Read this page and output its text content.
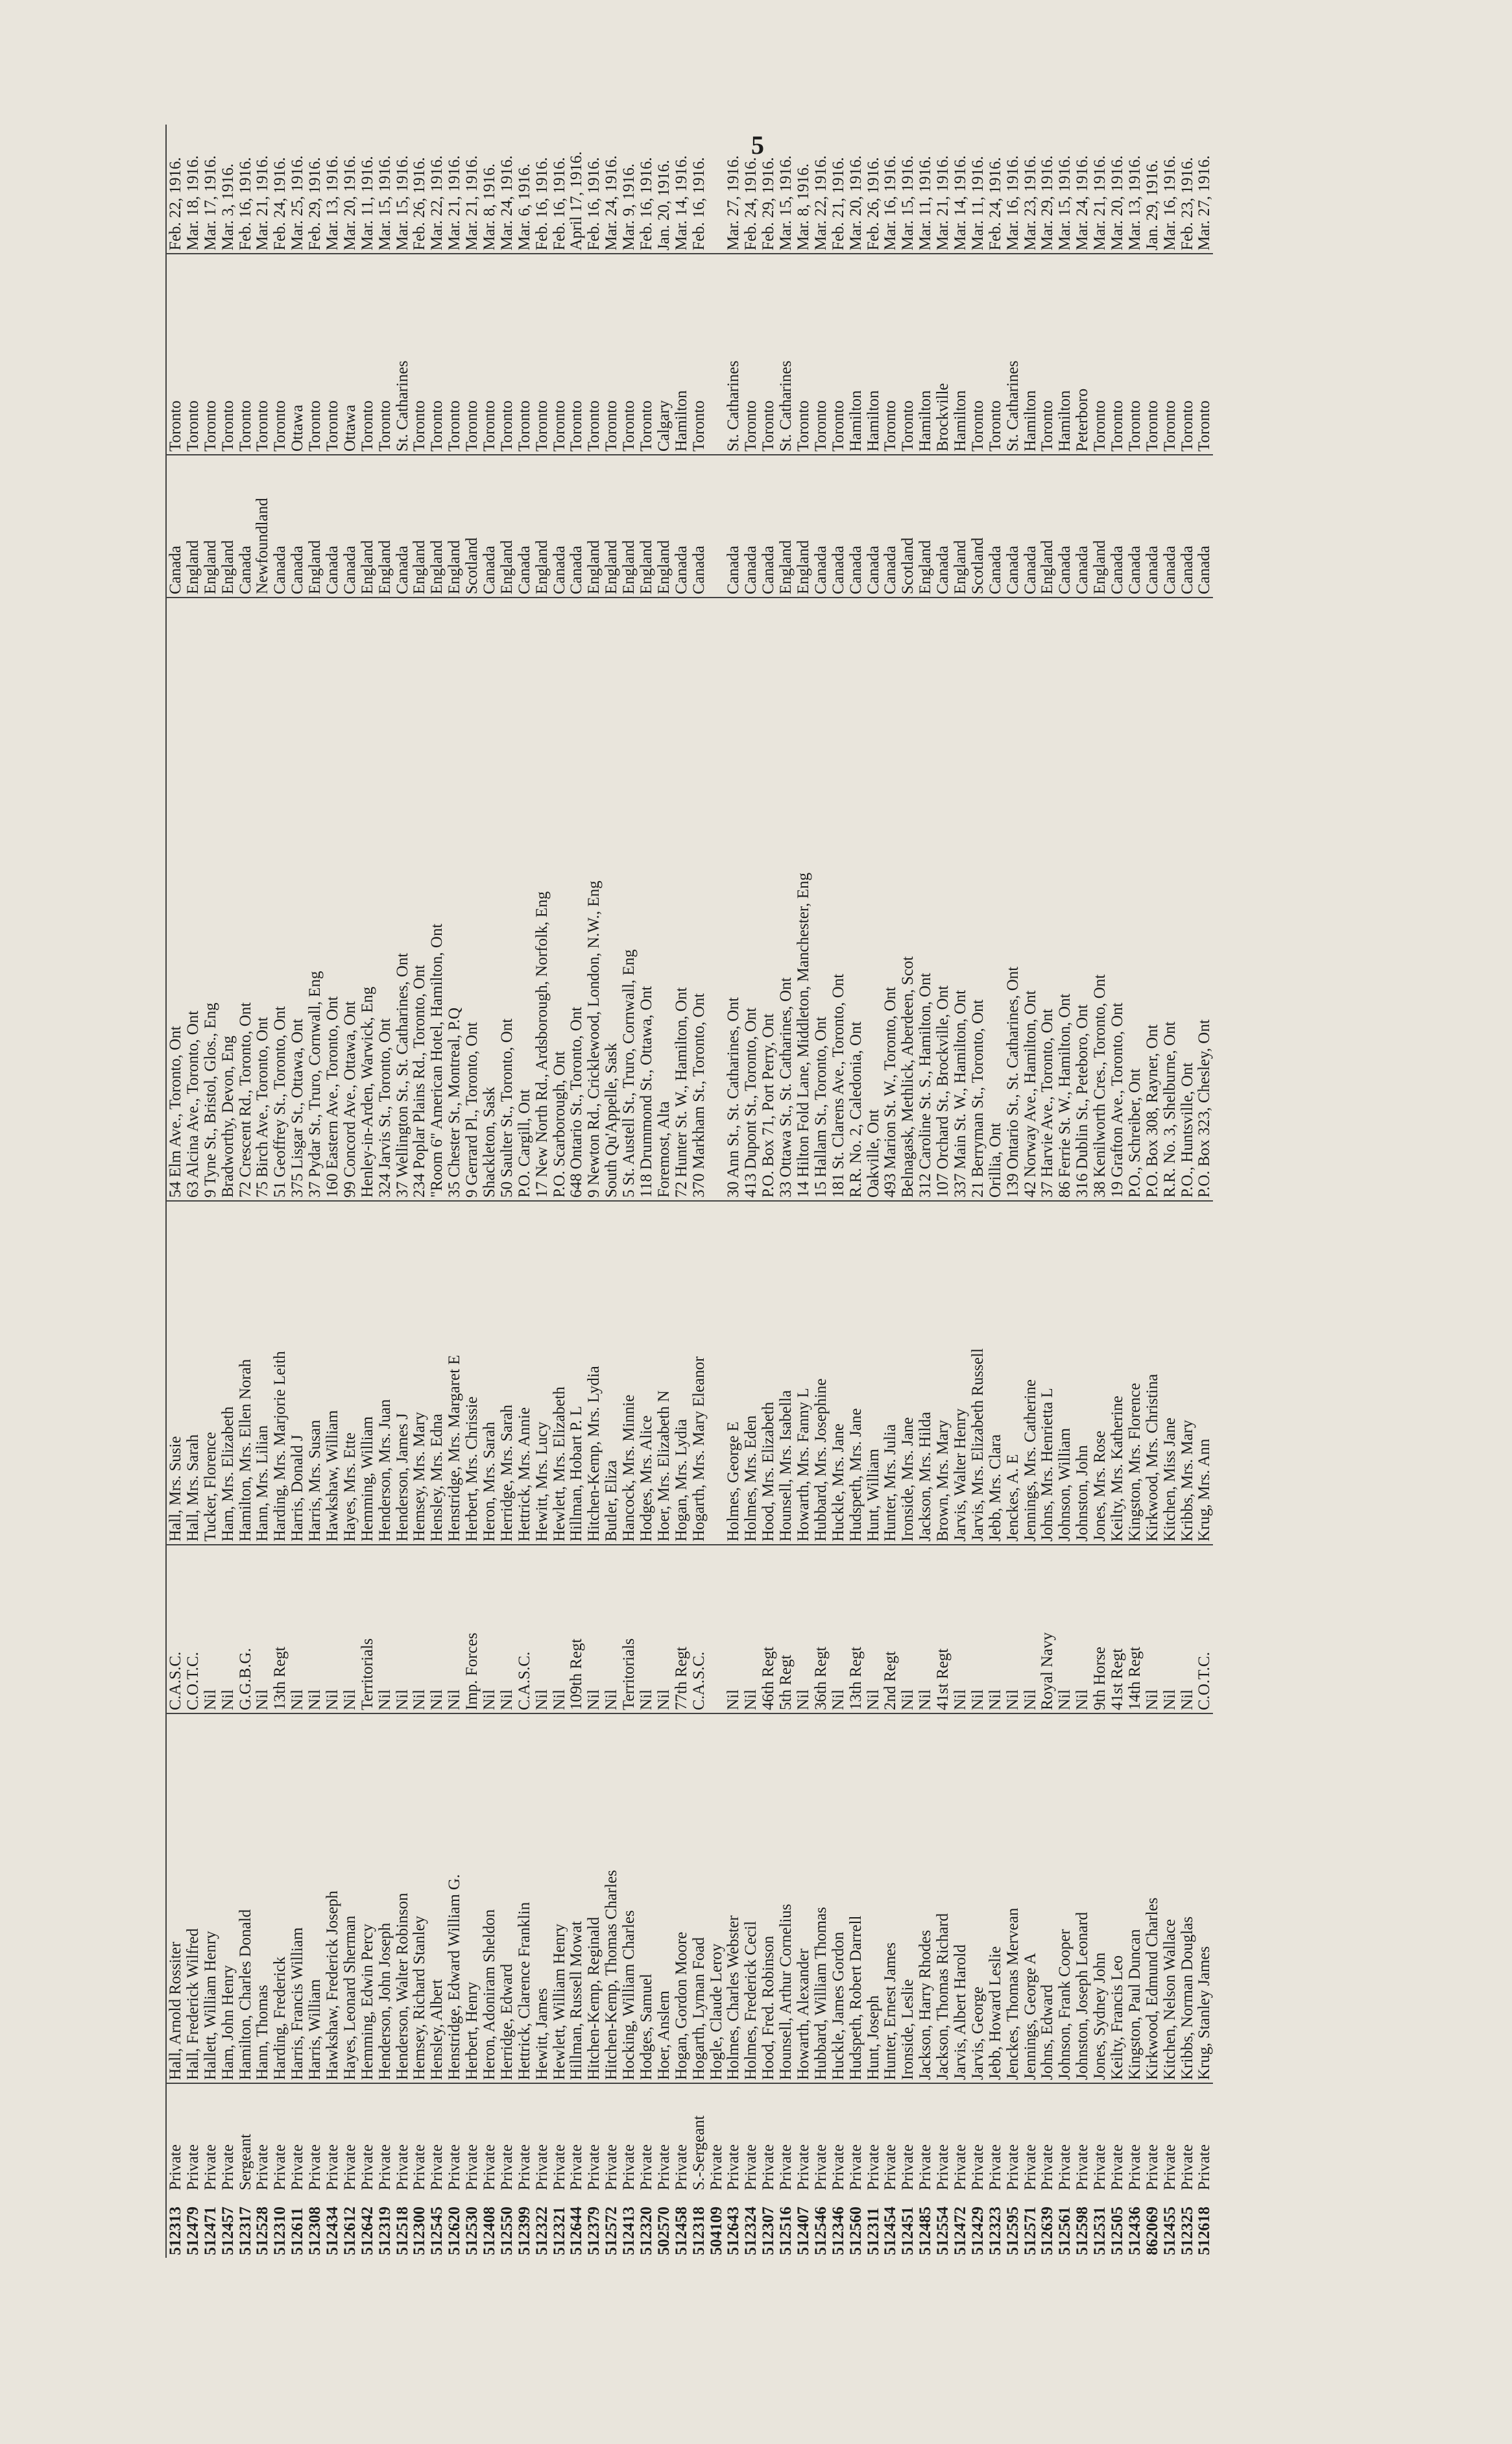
5
512313	Private	Hall, Arnold Rossiter	C.A.S.C.	Hall, Mrs. Susie	54 Elm Ave., Toronto, Ont	Canada	Toronto	Feb. 22, 1916.
512479	Private	Hall, Frederick Wilfred	C.O.T.C.	Hall, Mrs. Sarah	63 Alcina Ave., Toronto, Ont	England	Toronto	Mar. 18, 1916.
512471	Private	Hallett, William Henry	Nil	Tucker, Florence	9 Tyne St., Bristol, Glos., Eng	England	Toronto	Mar. 17, 1916.
512457	Private	Ham, John Henry	Nil	Ham, Mrs. Elizabeth	Bradworthy, Devon, Eng	England	Toronto	Mar. 3, 1916.
512317	Sergeant	Hamilton, Charles Donald	G.G.B.G.	Hamilton, Mrs. Ellen Norah	72 Crescent Rd., Toronto, Ont	Canada	Toronto	Feb. 16, 1916.
512528	Private	Hann, Thomas	Nil	Hann, Mrs. Lilian	75 Birch Ave., Toronto, Ont	Newfoundland	Toronto	Mar. 21, 1916.
512310	Private	Harding, Frederick	13th Regt	Harding, Mrs. Marjorie Leith	51 Geoffrey St., Toronto, Ont	Canada	Toronto	Feb. 24, 1916.
512611	Private	Harris, Francis William	Nil	Harris, Donald J	375 Lisgar St., Ottawa, Ont	Canada	Ottawa	Mar. 25, 1916.
512308	Private	Harris, William	Nil	Harris, Mrs. Susan	37 Pydar St., Truro, Cornwall, Eng	England	Toronto	Feb. 29, 1916.
512434	Private	Hawkshaw, Frederick Joseph	Nil	Hawkshaw, William	160 Eastern Ave., Toronto, Ont	Canada	Toronto	Mar. 13, 1916.
512612	Private	Hayes, Leonard Sherman	Nil	Hayes, Mrs. Ette	99 Concord Ave., Ottawa, Ont	Canada	Ottawa	Mar. 20, 1916.
512642	Private	Hemming, Edwin Percy	Territorials	Hemming, William	Henley-in-Arden, Warwick, Eng	England	Toronto	Mar. 11, 1916.
512319	Private	Henderson, John Joseph	Nil	Henderson, Mrs. Juan	324 Jarvis St., Toronto, Ont	England	Toronto	Mar. 15, 1916.
512518	Private	Henderson, Walter Robinson	Nil	Henderson, James J	37 Wellington St., St. Catharines, Ont	Canada	St. Catharines	Mar. 15, 1916.
512300	Private	Hemsey, Richard Stanley	Nil	Hemsey, Mrs. Mary	234 Poplar Plains Rd., Toronto, Ont	England	Toronto	Feb. 26, 1916.
512545	Private	Hensley, Albert	Nil	Hensley, Mrs. Edna	"Room 6" American Hotel, Hamilton, Ont	England	Toronto	Mar. 22, 1916.
512620	Private	Henstridge, Edward William G.	Nil	Henstridge, Mrs. Margaret E	35 Chester St., Montreal, P.Q	England	Toronto	Mar. 21, 1916.
512530	Private	Herbert, Henry	Imp. Forces	Herbert, Mrs. Chrissie	9 Gerrard Pl., Toronto, Ont	Scotland	Toronto	Mar. 21, 1916.
512408	Private	Heron, Adoniram Sheldon	Nil	Heron, Mrs. Sarah	Shackleton, Sask	Canada	Toronto	Mar. 8, 1916.
512550	Private	Herridge, Edward	Nil	Herridge, Mrs. Sarah	50 Saulter St., Toronto, Ont	England	Toronto	Mar. 24, 1916.
512399	Private	Hettrick, Clarence Franklin	C.A.S.C.	Hettrick, Mrs. Annie	P.O. Cargill, Ont	Canada	Toronto	Mar. 6, 1916.
512322	Private	Hewitt, James	Nil	Hewitt, Mrs. Lucy	17 New North Rd., Ardsborough, Norfolk, Eng	England	Toronto	Feb. 16, 1916.
512321	Private	Hewlett, William Henry	Nil	Hewlett, Mrs. Elizabeth	P.O. Scarborough, Ont	Canada	Toronto	Feb. 16, 1916.
512644	Private	Hillman, Russell Mowat	109th Regt	Hillman, Hobart P. L	648 Ontario St., Toronto, Ont	Canada	Toronto	April 17, 1916.
512379	Private	Hitchen-Kemp, Reginald	Nil	Hitchen-Kemp, Mrs. Lydia	9 Newton Rd., Cricklewood, London, N.W., Eng	England	Toronto	Feb. 16, 1916.
512572	Private	Hitchen-Kemp, Thomas Charles	Nil	Butler, Eliza	South Qu'Appelle, Sask	England	Toronto	Mar. 24, 1916.
512413	Private	Hocking, William Charles	Territorials	Hancock, Mrs. Minnie	5 St. Austell St., Truro, Cornwall, Eng	England	Toronto	Mar. 9, 1916.
512320	Private	Hodges, Samuel	Nil	Hodges, Mrs. Alice	118 Drummond St., Ottawa, Ont	England	Toronto	Feb. 16, 1916.
502570	Private	Hoer, Anslem	Nil	Hoer, Mrs. Elizabeth N	Foremost, Alta	England	Calgary	Jan. 20, 1916.
512458	Private	Hogan, Gordon Moore	77th Regt	Hogan, Mrs. Lydia	72 Hunter St. W., Hamilton, Ont	Canada	Hamilton	Mar. 14, 1916.
512318	S.-Sergeant	Hogarth, Lyman Foad	C.A.S.C.	Hogarth, Mrs. Mary Eleanor	370 Markham St., Toronto, Ont	Canada	Toronto	Feb. 16, 1916.
504109	Private	Hogle, Claude Leroy						
512643	Private	Holmes, Charles Webster	Nil	Holmes, George E	30 Ann St., St. Catharines, Ont	Canada	St. Catharines	Mar. 27, 1916.
512324	Private	Holmes, Frederick Cecil	Nil	Holmes, Mrs. Eden	413 Dupont St., Toronto, Ont	Canada	Toronto	Feb. 24, 1916.
512307	Private	Hood, Fred. Robinson	46th Regt	Hood, Mrs. Elizabeth	P.O. Box 71, Port Perry, Ont	Canada	Toronto	Feb. 29, 1916.
512516	Private	Hounsell, Arthur Cornelius	5th Regt	Hounsell, Mrs. Isabella	33 Ottawa St., St. Catharines, Ont	England	St. Catharines	Mar. 15, 1916.
512407	Private	Howarth, Alexander	Nil	Howarth, Mrs. Fanny L	14 Hilton Fold Lane, Middleton, Manchester, Eng	England	Toronto	Mar. 8, 1916.
512546	Private	Hubbard, William Thomas	36th Regt	Hubbard, Mrs. Josephine	15 Hallam St., Toronto, Ont	Canada	Toronto	Mar. 22, 1916.
512346	Private	Huckle, James Gordon	Nil	Huckle, Mrs. Jane	181 St. Clarens Ave., Toronto, Ont	Canada	Toronto	Feb. 21, 1916.
512560	Private	Hudspeth, Robert Darrell	13th Regt	Hudspeth, Mrs. Jane	R.R. No. 2, Caledonia, Ont	Canada	Hamilton	Mar. 20, 1916.
512311	Private	Hunt, Joseph	Nil	Hunt, William	Oakville, Ont	Canada	Hamilton	Feb. 26, 1916.
512454	Private	Hunter, Ernest James	2nd Regt	Hunter, Mrs. Julia	493 Marion St. W., Toronto, Ont	Canada	Toronto	Mar. 16, 1916.
512451	Private	Ironside, Leslie	Nil	Ironside, Mrs. Jane	Belnagask, Methlick, Aberdeen, Scot	Scotland	Toronto	Mar. 15, 1916.
512485	Private	Jackson, Harry Rhodes	Nil	Jackson, Mrs. Hilda	312 Caroline St. S., Hamilton, Ont	England	Hamilton	Mar. 11, 1916.
512554	Private	Jackson, Thomas Richard	41st Regt	Brown, Mrs. Mary	107 Orchard St., Brockville, Ont	Canada	Brockville	Mar. 21, 1916.
512472	Private	Jarvis, Albert Harold	Nil	Jarvis, Walter Henry	337 Main St. W., Hamilton, Ont	England	Hamilton	Mar. 14, 1916.
512429	Private	Jarvis, George	Nil	Jarvis, Mrs. Elizabeth Russell	21 Berryman St., Toronto, Ont	Scotland	Toronto	Mar. 11, 1916.
512323	Private	Jebb, Howard Leslie	Nil	Jebb, Mrs. Clara	Orillia, Ont	Canada	Toronto	Feb. 24, 1916.
512595	Private	Jenckes, Thomas Mervean	Nil	Jenckes, A. E	139 Ontario St., St. Catharines, Ont	Canada	St. Catharines	Mar. 16, 1916.
512571	Private	Jennings, George A	Nil	Jennings, Mrs. Catherine	42 Norway Ave., Hamilton, Ont	Canada	Hamilton	Mar. 23, 1916.
512639	Private	Johns, Edward	Royal Navy	Johns, Mrs. Henrietta L	37 Harvie Ave., Toronto, Ont	England	Toronto	Mar. 29, 1916.
512561	Private	Johnson, Frank Cooper	Nil	Johnson, William	86 Ferrie St. W., Hamilton, Ont	Canada	Hamilton	Mar. 15, 1916.
512598	Private	Johnston, Joseph Leonard	Nil	Johnston, John	316 Dublin St., Peteboro, Ont	Canada	Peterboro	Mar. 24, 1916.
512531	Private	Jones, Sydney John	9th Horse	Jones, Mrs. Rose	38 Kenilworth Cres., Toronto, Ont	England	Toronto	Mar. 21, 1916.
512505	Private	Keilty, Francis Leo	41st Regt	Keilty, Mrs. Katherine	19 Grafton Ave., Toronto, Ont	Canada	Toronto	Mar. 20, 1916.
512436	Private	Kingston, Paul Duncan	14th Regt	Kingston, Mrs. Florence	P.O., Schreiber, Ont	Canada	Toronto	Mar. 13, 1916.
862069	Private	Kirkwood, Edmund Charles	Nil	Kirkwood, Mrs. Christina	P.O. Box 308, Rayner, Ont	Canada	Toronto	Jan. 29, 1916.
512455	Private	Kitchen, Nelson Wallace	Nil	Kitchen, Miss Jane	R.R. No. 3, Shelburne, Ont	Canada	Toronto	Mar. 16, 1916.
512325	Private	Kribbs, Norman Douglas	Nil	Kribbs, Mrs. Mary	P.O., Huntsville, Ont	Canada	Toronto	Feb. 23, 1916.
512618	Private	Krug, Stanley James	C.O.T.C.	Krug, Mrs. Ann	P.O. Box 323, Chesley, Ont	Canada	Toronto	Mar. 27, 1916.
